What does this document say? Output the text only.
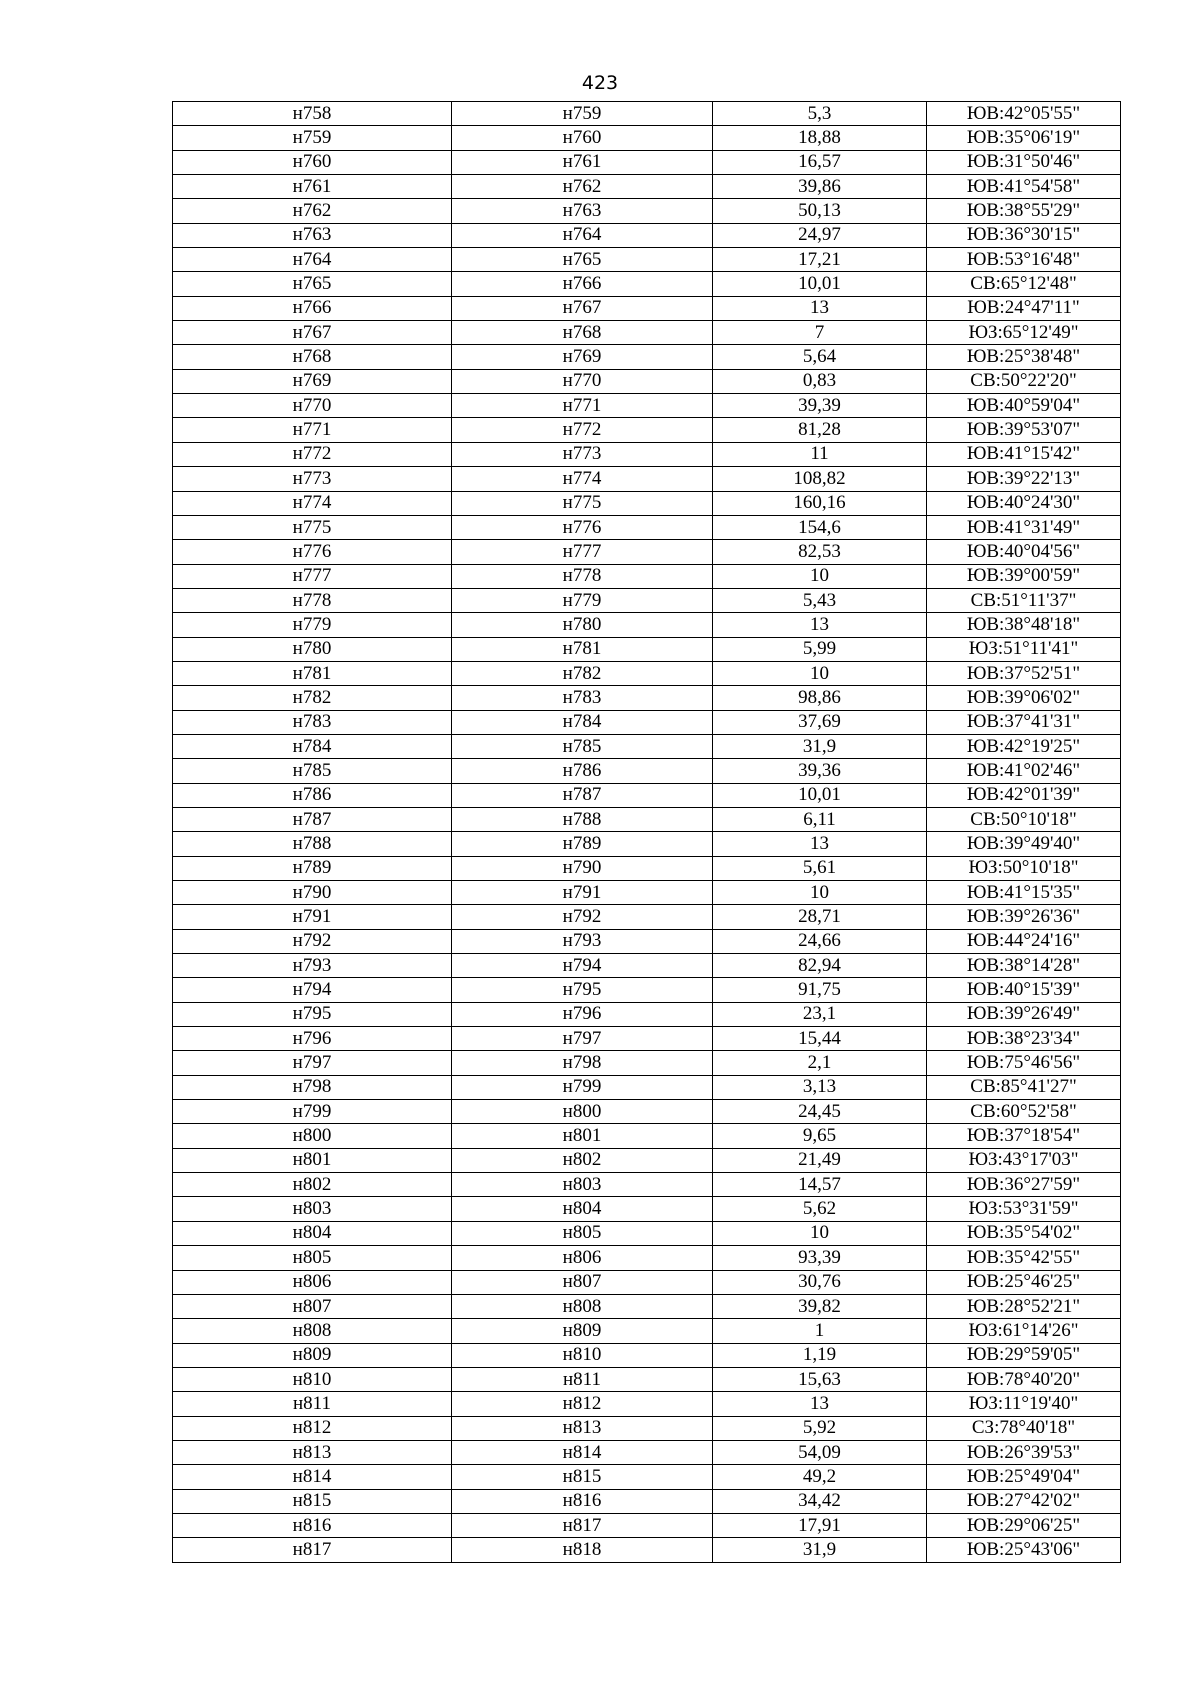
423
н758	н759	5,3	ЮВ:42°05'55"
н759	н760	18,88	ЮВ:35°06'19"
н760	н761	16,57	ЮВ:31°50'46"
н761	н762	39,86	ЮВ:41°54'58"
н762	н763	50,13	ЮВ:38°55'29"
н763	н764	24,97	ЮВ:36°30'15"
н764	н765	17,21	ЮВ:53°16'48"
н765	н766	10,01	СВ:65°12'48"
н766	н767	13	ЮВ:24°47'11"
н767	н768	7	ЮЗ:65°12'49"
н768	н769	5,64	ЮВ:25°38'48"
н769	н770	0,83	СВ:50°22'20"
н770	н771	39,39	ЮВ:40°59'04"
н771	н772	81,28	ЮВ:39°53'07"
н772	н773	11	ЮВ:41°15'42"
н773	н774	108,82	ЮВ:39°22'13"
н774	н775	160,16	ЮВ:40°24'30"
н775	н776	154,6	ЮВ:41°31'49"
н776	н777	82,53	ЮВ:40°04'56"
н777	н778	10	ЮВ:39°00'59"
н778	н779	5,43	СВ:51°11'37"
н779	н780	13	ЮВ:38°48'18"
н780	н781	5,99	ЮЗ:51°11'41"
н781	н782	10	ЮВ:37°52'51"
н782	н783	98,86	ЮВ:39°06'02"
н783	н784	37,69	ЮВ:37°41'31"
н784	н785	31,9	ЮВ:42°19'25"
н785	н786	39,36	ЮВ:41°02'46"
н786	н787	10,01	ЮВ:42°01'39"
н787	н788	6,11	СВ:50°10'18"
н788	н789	13	ЮВ:39°49'40"
н789	н790	5,61	ЮЗ:50°10'18"
н790	н791	10	ЮВ:41°15'35"
н791	н792	28,71	ЮВ:39°26'36"
н792	н793	24,66	ЮВ:44°24'16"
н793	н794	82,94	ЮВ:38°14'28"
н794	н795	91,75	ЮВ:40°15'39"
н795	н796	23,1	ЮВ:39°26'49"
н796	н797	15,44	ЮВ:38°23'34"
н797	н798	2,1	ЮВ:75°46'56"
н798	н799	3,13	СВ:85°41'27"
н799	н800	24,45	СВ:60°52'58"
н800	н801	9,65	ЮВ:37°18'54"
н801	н802	21,49	ЮЗ:43°17'03"
н802	н803	14,57	ЮВ:36°27'59"
н803	н804	5,62	ЮЗ:53°31'59"
н804	н805	10	ЮВ:35°54'02"
н805	н806	93,39	ЮВ:35°42'55"
н806	н807	30,76	ЮВ:25°46'25"
н807	н808	39,82	ЮВ:28°52'21"
н808	н809	1	ЮЗ:61°14'26"
н809	н810	1,19	ЮВ:29°59'05"
н810	н811	15,63	ЮВ:78°40'20"
н811	н812	13	ЮЗ:11°19'40"
н812	н813	5,92	СЗ:78°40'18"
н813	н814	54,09	ЮВ:26°39'53"
н814	н815	49,2	ЮВ:25°49'04"
н815	н816	34,42	ЮВ:27°42'02"
н816	н817	17,91	ЮВ:29°06'25"
н817	н818	31,9	ЮВ:25°43'06"
